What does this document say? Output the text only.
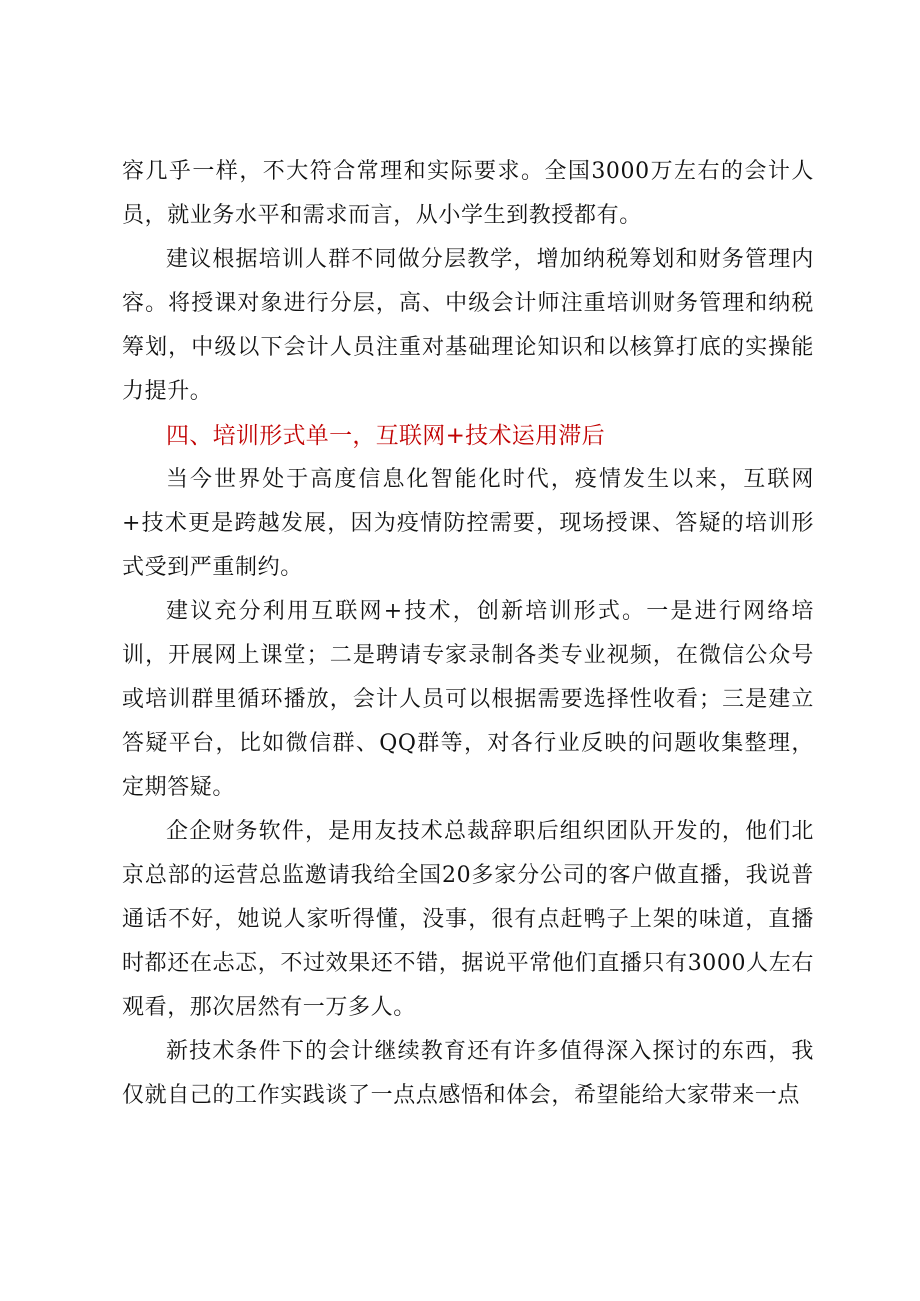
容几乎一样，不大符合常理和实际要求。全国3000万左右的会计人员，就业务水平和需求而言，从小学生到教授都有。

建议根据培训人群不同做分层教学，增加纳税筹划和财务管理内容。将授课对象进行分层，高、中级会计师注重培训财务管理和纳税筹划，中级以下会计人员注重对基础理论知识和以核算打底的实操能力提升。

四、培训形式单一，互联网+技术运用滞后

当今世界处于高度信息化智能化时代，疫情发生以来，互联网+技术更是跨越发展，因为疫情防控需要，现场授课、答疑的培训形式受到严重制约。

建议充分利用互联网+技术，创新培训形式。一是进行网络培训，开展网上课堂；二是聘请专家录制各类专业视频，在微信公众号或培训群里循环播放，会计人员可以根据需要选择性收看；三是建立答疑平台，比如微信群、QQ群等，对各行业反映的问题收集整理，定期答疑。

企企财务软件，是用友技术总裁辞职后组织团队开发的，他们北京总部的运营总监邀请我给全国20多家分公司的客户做直播，我说普通话不好，她说人家听得懂，没事，很有点赶鸭子上架的味道，直播时都还在忐忑，不过效果还不错，据说平常他们直播只有3000人左右观看，那次居然有一万多人。

新技术条件下的会计继续教育还有许多值得深入探讨的东西，我仅就自己的工作实践谈了一点点感悟和体会，希望能给大家带来一点
